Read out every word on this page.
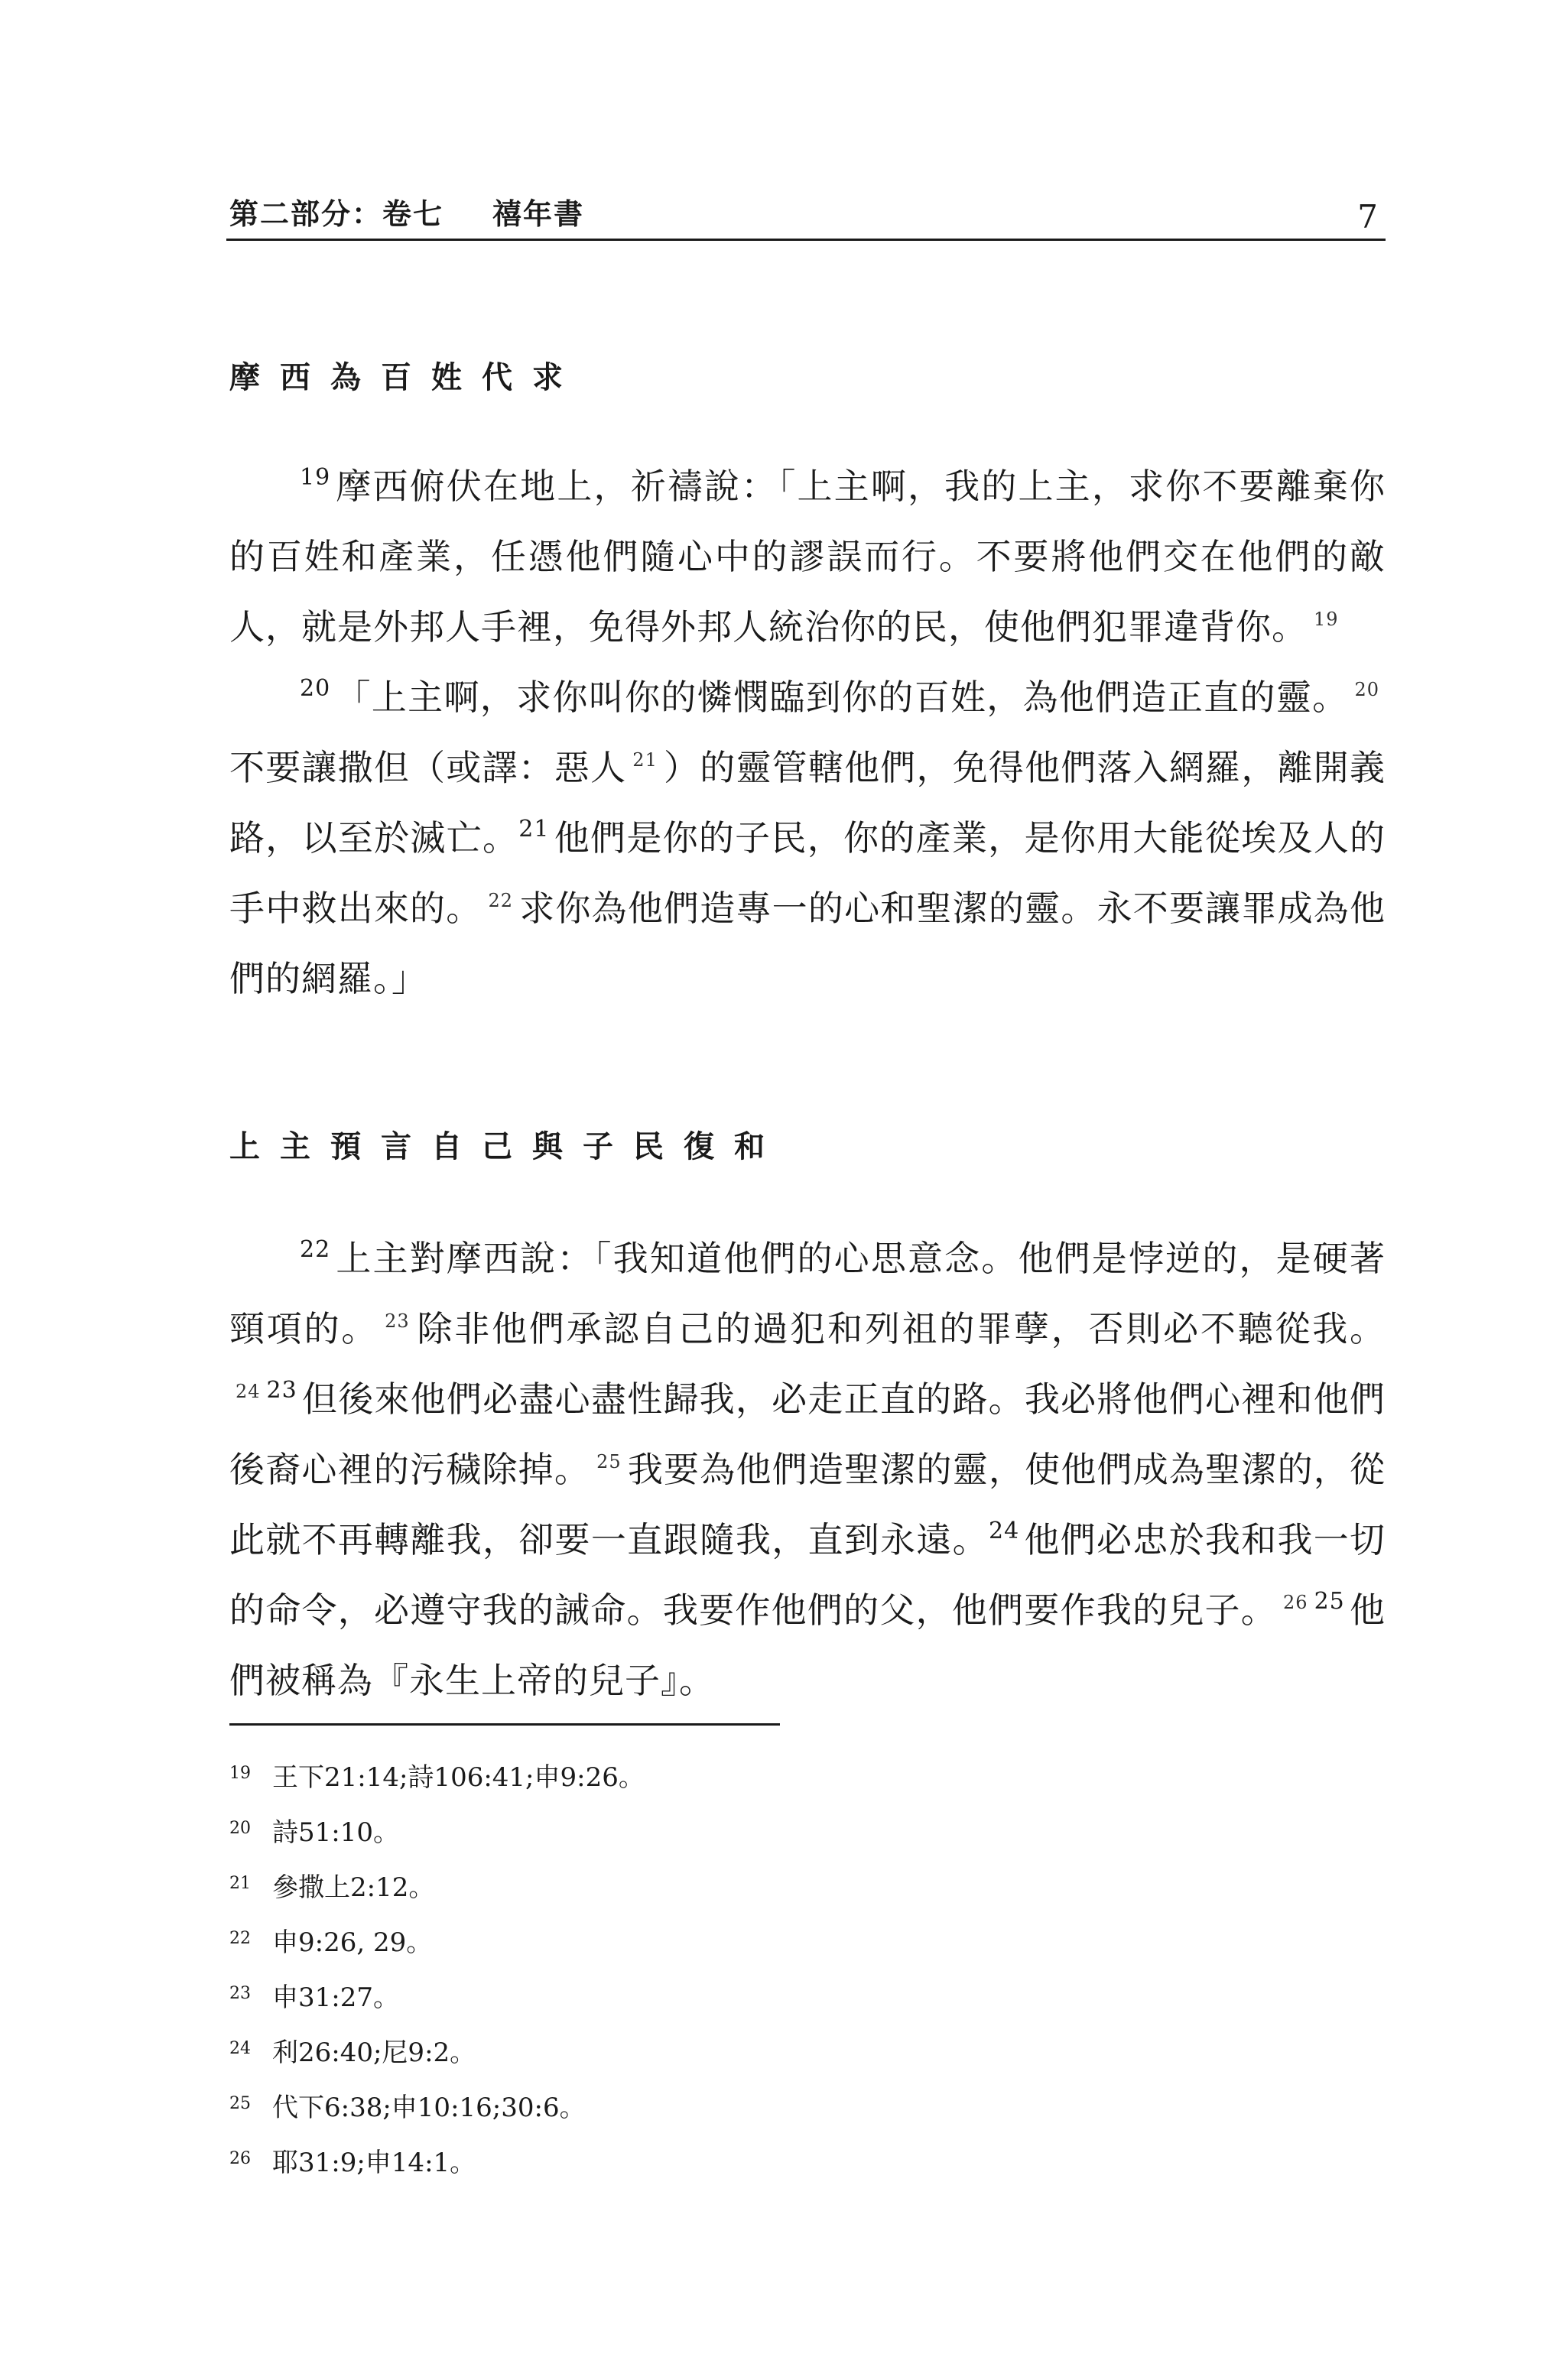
第二部分：卷七 禧年書	7
摩西為百姓代求

$^{19}$ 摩西俯伏在地上，祈禱說：「上主啊，我的上主，求你不要離棄你的百姓和產業，任憑他們隨心中的謬誤而行。不要將他們交在他們的敵人，就是外邦人手裡，免得外邦人統治你的民，使他們犯罪違背你。 $^{19}$

$^{20}$ 「上主啊，求你叫你的憐憫臨到你的百姓，為他們造正直的靈。 $^{20}$不要讓撒但（或譯：惡人 $^{21}$ ）的靈管轄他們，免得他們落入網羅，離開義路，以至於滅亡。$^{21}$ 他們是你的子民，你的產業，是你用大能從埃及人的手中救出來的。 $^{22}$ 求你為他們造專一的心和聖潔的靈。永不要讓罪成為他們的網羅。」

上主預言自己與子民復和

$^{22}$ 上主對摩西說：「我知道他們的心思意念。他們是悖逆的，是硬著頸項的。 $^{23}$ 除非他們承認自己的過犯和列祖的罪孽，否則必不聽從我。$^{24}$ $^{23}$ 但後來他們必盡心盡性歸我，必走正直的路。我必將他們心裡和他們後裔心裡的污穢除掉。 $^{25}$ 我要為他們造聖潔的靈，使他們成為聖潔的，從此就不再轉離我，卻要一直跟隨我，直到永遠。$^{24}$ 他們必忠於我和我一切的命令，必遵守我的誡命。我要作他們的父，他們要作我的兒子。 $^{26}$ $^{25}$ 他們被稱為『永生上帝的兒子』。

19 王下21:14;詩106:41;申9:26。
20 詩51:10。
21 參撒上2:12。
22 申9:26, 29。
23 申31:27。
24 利26:40;尼9:2。
25 代下6:38;申10:16;30:6。
26 耶31:9;申14:1。
